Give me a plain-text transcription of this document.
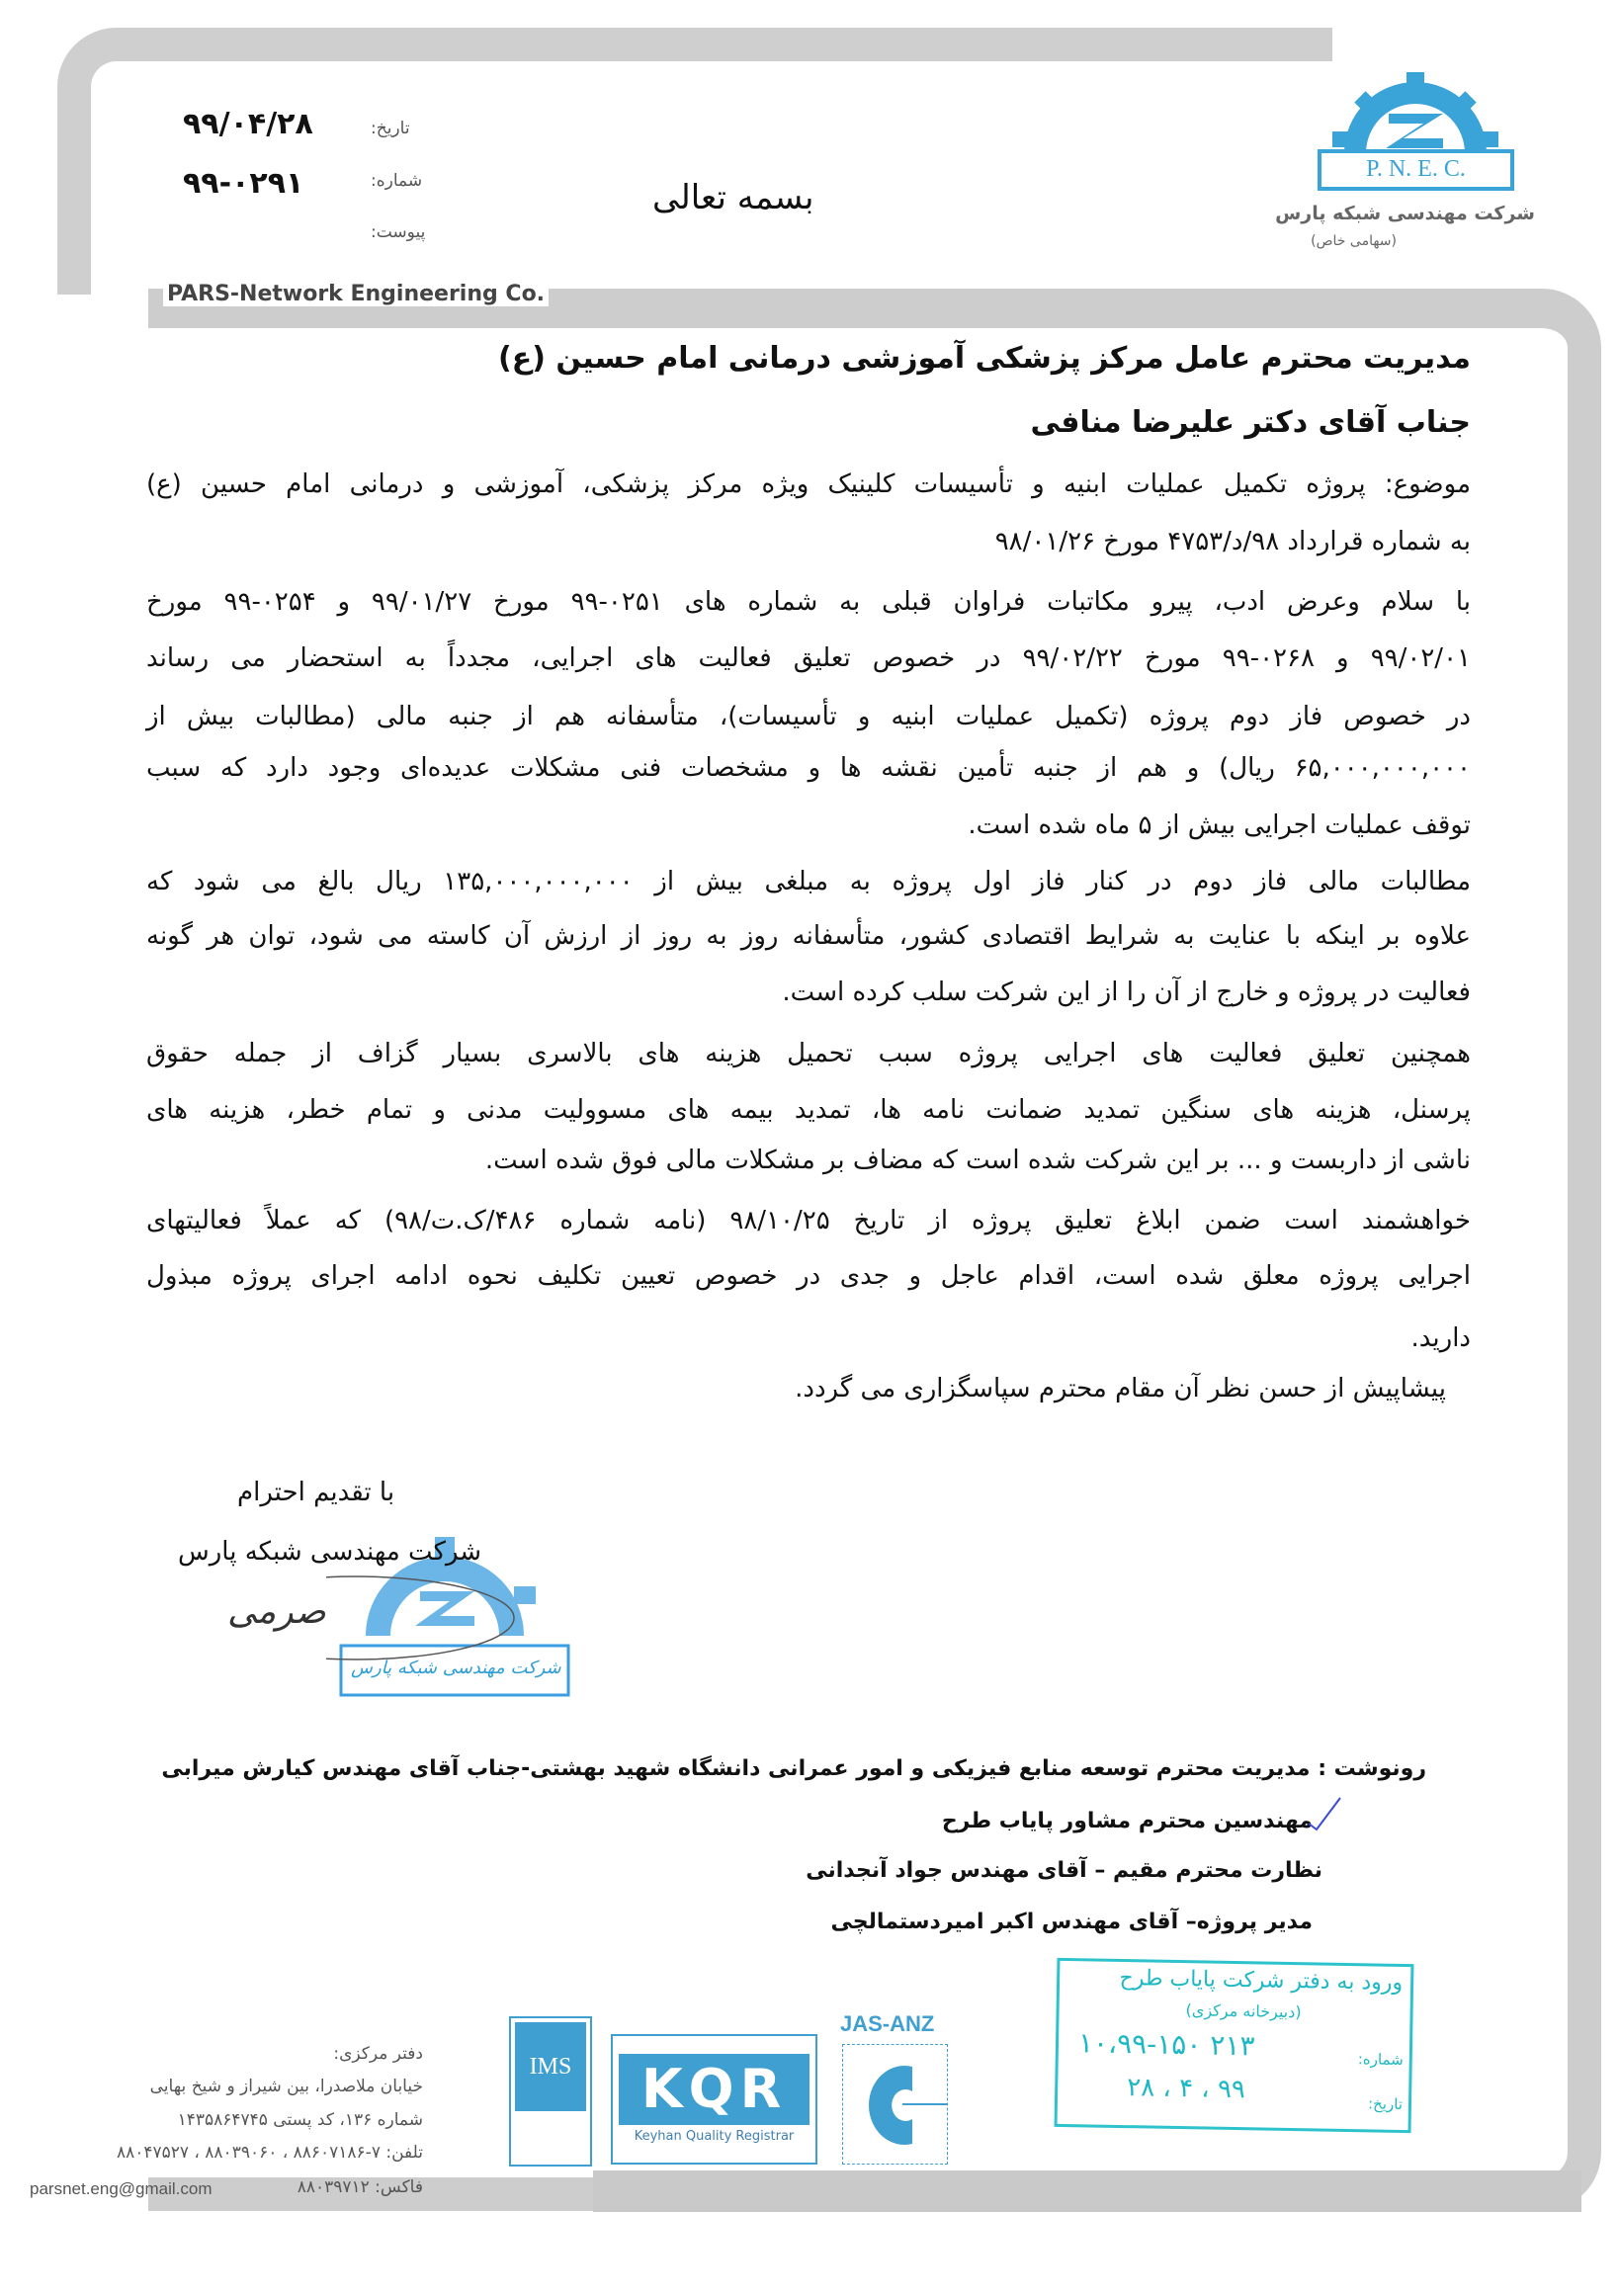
۹۹/۰۴/۲۸	تاریخ:
۹۹-۰۲۹۱	شماره:
پیوست:
بسمه تعالی
PARS-Network Engineering Co.
P. N. E. C.
شرکت مهندسی شبکه پارس
(سهامی خاص)
مدیریت محترم عامل مرکز پزشکی آموزشی درمانی امام حسین (ع)
جناب آقای دکتر علیرضا منافی
موضوع: پروژه تکمیل عملیات ابنیه و تأسیسات کلینیک ویژه مرکز پزشکی، آموزشی و درمانی امام حسین (ع)
به شماره قرارداد ۹۸/د/۴۷۵۳ مورخ ۹۸/۰۱/۲۶
با سلام وعرض ادب، پیرو مکاتبات فراوان قبلی به شماره های ۰۲۵۱-۹۹ مورخ ۹۹/۰۱/۲۷ و ۰۲۵۴-۹۹ مورخ
۹۹/۰۲/۰۱ و ۰۲۶۸-۹۹ مورخ ۹۹/۰۲/۲۲ در خصوص تعلیق فعالیت های اجرایی، مجدداً به استحضار می رساند
در خصوص فاز دوم پروژه (تکمیل عملیات ابنیه و تأسیسات)، متأسفانه هم از جنبه مالی (مطالبات بیش از
۶۵,۰۰۰,۰۰۰,۰۰۰ ریال) و هم از جنبه تأمین نقشه ها و مشخصات فنی مشکلات عدیده‌ای وجود دارد که سبب
توقف عملیات اجرایی بیش از ۵ ماه شده است.
مطالبات مالی فاز دوم در کنار فاز اول پروژه به مبلغی بیش از ۱۳۵,۰۰۰,۰۰۰,۰۰۰ ریال بالغ می شود که
علاوه بر اینکه با عنایت به شرایط اقتصادی کشور، متأسفانه روز به روز از ارزش آن کاسته می شود، توان هر گونه
فعالیت در پروژه و خارج از آن را از این شرکت سلب کرده است.
همچنین تعلیق فعالیت های اجرایی پروژه سبب تحمیل هزینه های بالاسری بسیار گزاف از جمله حقوق
پرسنل، هزینه های سنگین تمدید ضمانت نامه ها، تمدید بیمه های مسوولیت مدنی و تمام خطر، هزینه های
ناشی از داربست و ... بر این شرکت شده است که مضاف بر مشکلات مالی فوق شده است.
خواهشمند است ضمن ابلاغ تعلیق پروژه از تاریخ ۹۸/۱۰/۲۵ (نامه شماره ۴۸۶/ک.ت/۹۸) که عملاً فعالیتهای
اجرایی پروژه معلق شده است، اقدام عاجل و جدی در خصوص تعیین تکلیف نحوه ادامه اجرای پروژه مبذول
دارید.
پیشاپیش از حسن نظر آن مقام محترم سپاسگزاری می گردد.
با تقدیم احترام
شرکت مهندسی شبکه پارس
شرکت مهندسی شبکه پارس
صرمی
رونوشت : مدیریت محترم توسعه منابع فیزیکی و امور عمرانی دانشگاه شهید بهشتی-جناب آقای مهندس کیارش میرابی
مهندسین محترم مشاور پایاب طرح
نظارت محترم مقیم – آقای مهندس جواد آنجدانی
مدیر پروژه– آقای مهندس اکبر امیردستمالچی
ورود به دفتر شرکت پایاب طرح
(دبیرخانه مرکزی)
شماره:
۱۰،۹۹-۱۵۰ ۲۱۳
تاریخ:
۹۹ ، ۴ ، ۲۸
IMS	KQR
Keyhan Quality Registrar
JAS-ANZ
دفتر مرکزی:
خیابان ملاصدرا، بین شیراز و شیخ بهایی
شماره ۱۳۶، کد پستی ۱۴۳۵۸۶۴۷۴۵
تلفن: ۷-۸۸۶۰۷۱۸۶ ، ۸۸۰۳۹۰۶۰ ، ۸۸۰۴۷۵۲۷
فاکس: ۸۸۰۳۹۷۱۲
parsnet.eng@gmail.com
